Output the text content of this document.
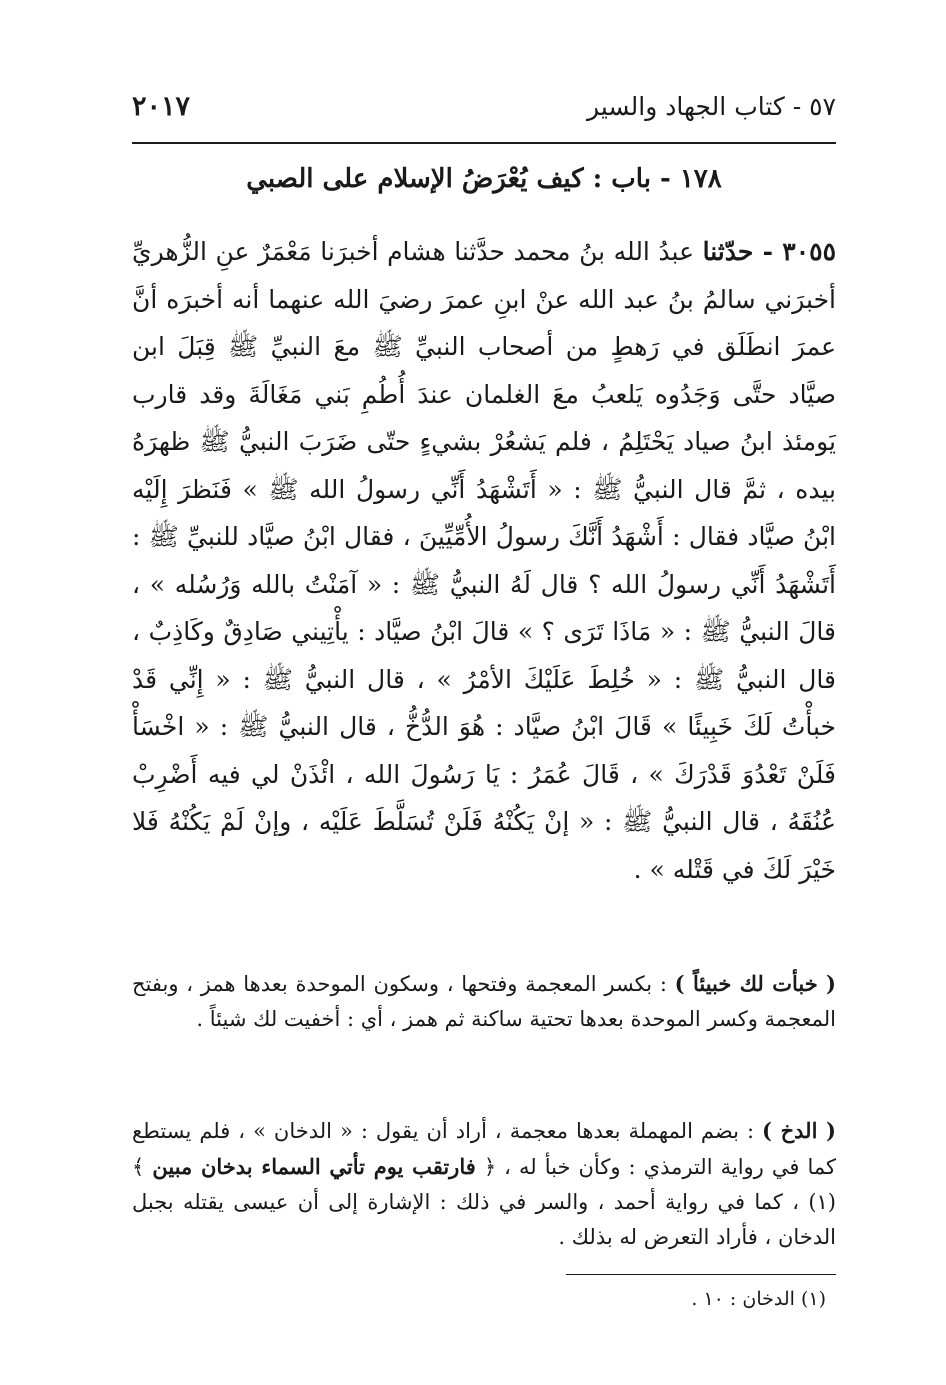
٥٧ - كتاب الجهاد والسير
٢٠١٧
١٧٨ - باب : كيف يُعْرَضُ الإسلام على الصبي
٣٠٥٥ - حدّثنا عبدُ الله بنُ محمد حدَّثنا هشام أخبرَنا مَعْمَرٌ عنِ الزُّهريِّ أخبرَني سالمُ بنُ عبد الله عنْ ابنِ عمرَ رضيَ الله عنهما أنه أخبرَه أنَّ عمرَ انطَلَق في رَهطٍ من أصحاب النبيِّ ﷺ معَ النبيِّ ﷺ قِبَلَ ابن صيَّاد حتَّى وَجَدُوه يَلعبُ معَ الغلمان عندَ أُطُمِ بَني مَغَالَةَ وقد قارب يَومئذ ابنُ صياد يَحْتَلِمُ ، فلم يَشعُرْ بشيءٍ حتّى ضَرَبَ النبيُّ ﷺ ظهرَهُ بيده ، ثمَّ قال النبيُّ ﷺ : « أَتَشْهَدُ أَنِّي رسولُ الله ﷺ » فَنَظرَ إِلَيْه ابْنُ صيَّاد فقال : أَشْهَدُ أَنَّكَ رسولُ الأُمِّيِّينَ ، فقال ابْنُ صيَّاد للنبيِّ ﷺ : أَتَشْهَدُ أَنِّي رسولُ الله ؟ قال لَهُ النبيُّ ﷺ : « آمَنْتُ بالله وَرُسُله » ، قالَ النبيُّ ﷺ : « مَاذَا تَرَى ؟ » قالَ ابْنُ صيَّاد : يأْتِيني صَادِقٌ وكَاذِبٌ ، قال النبيُّ ﷺ : « خُلِطَ عَلَيْكَ الأمْرُ » ، قال النبيُّ ﷺ : « إِنِّي قَدْ خبأْتُ لَكَ خَبِيئًا » قَالَ ابْنُ صيَّاد : هُوَ الدُّخُّ ، قال النبيُّ ﷺ : « اخْسَأْ فَلَنْ تَعْدُوَ قَدْرَكَ » ، قَالَ عُمَرُ : يَا رَسُولَ الله ، ائْذَنْ لي فيه أَضْرِبْ عُنُقَهُ ، قال النبيُّ ﷺ : « إنْ يَكُنْهُ فَلَنْ تُسَلَّطَ عَلَيْه ، وإنْ لَمْ يَكُنْهُ فَلا خَيْرَ لَكَ في قَتْله » .
( خبأت لك خبيئاً ) : بكسر المعجمة وفتحها ، وسكون الموحدة بعدها همز ، وبفتح المعجمة وكسر الموحدة بعدها تحتية ساكنة ثم همز ، أي : أخفيت لك شيئاً .
( الدخ ) : بضم المهملة بعدها معجمة ، أراد أن يقول : « الدخان » ، فلم يستطع كما في رواية الترمذي : وكأن خبأ له ، ﴿ فارتقب يوم تأتي السماء بدخان مبين ﴾ (١) ، كما في رواية أحمد ، والسر في ذلك : الإشارة إلى أن عيسى يقتله بجبل الدخان ، فأراد التعرض له بذلك .
(١) الدخان : ١٠ .
